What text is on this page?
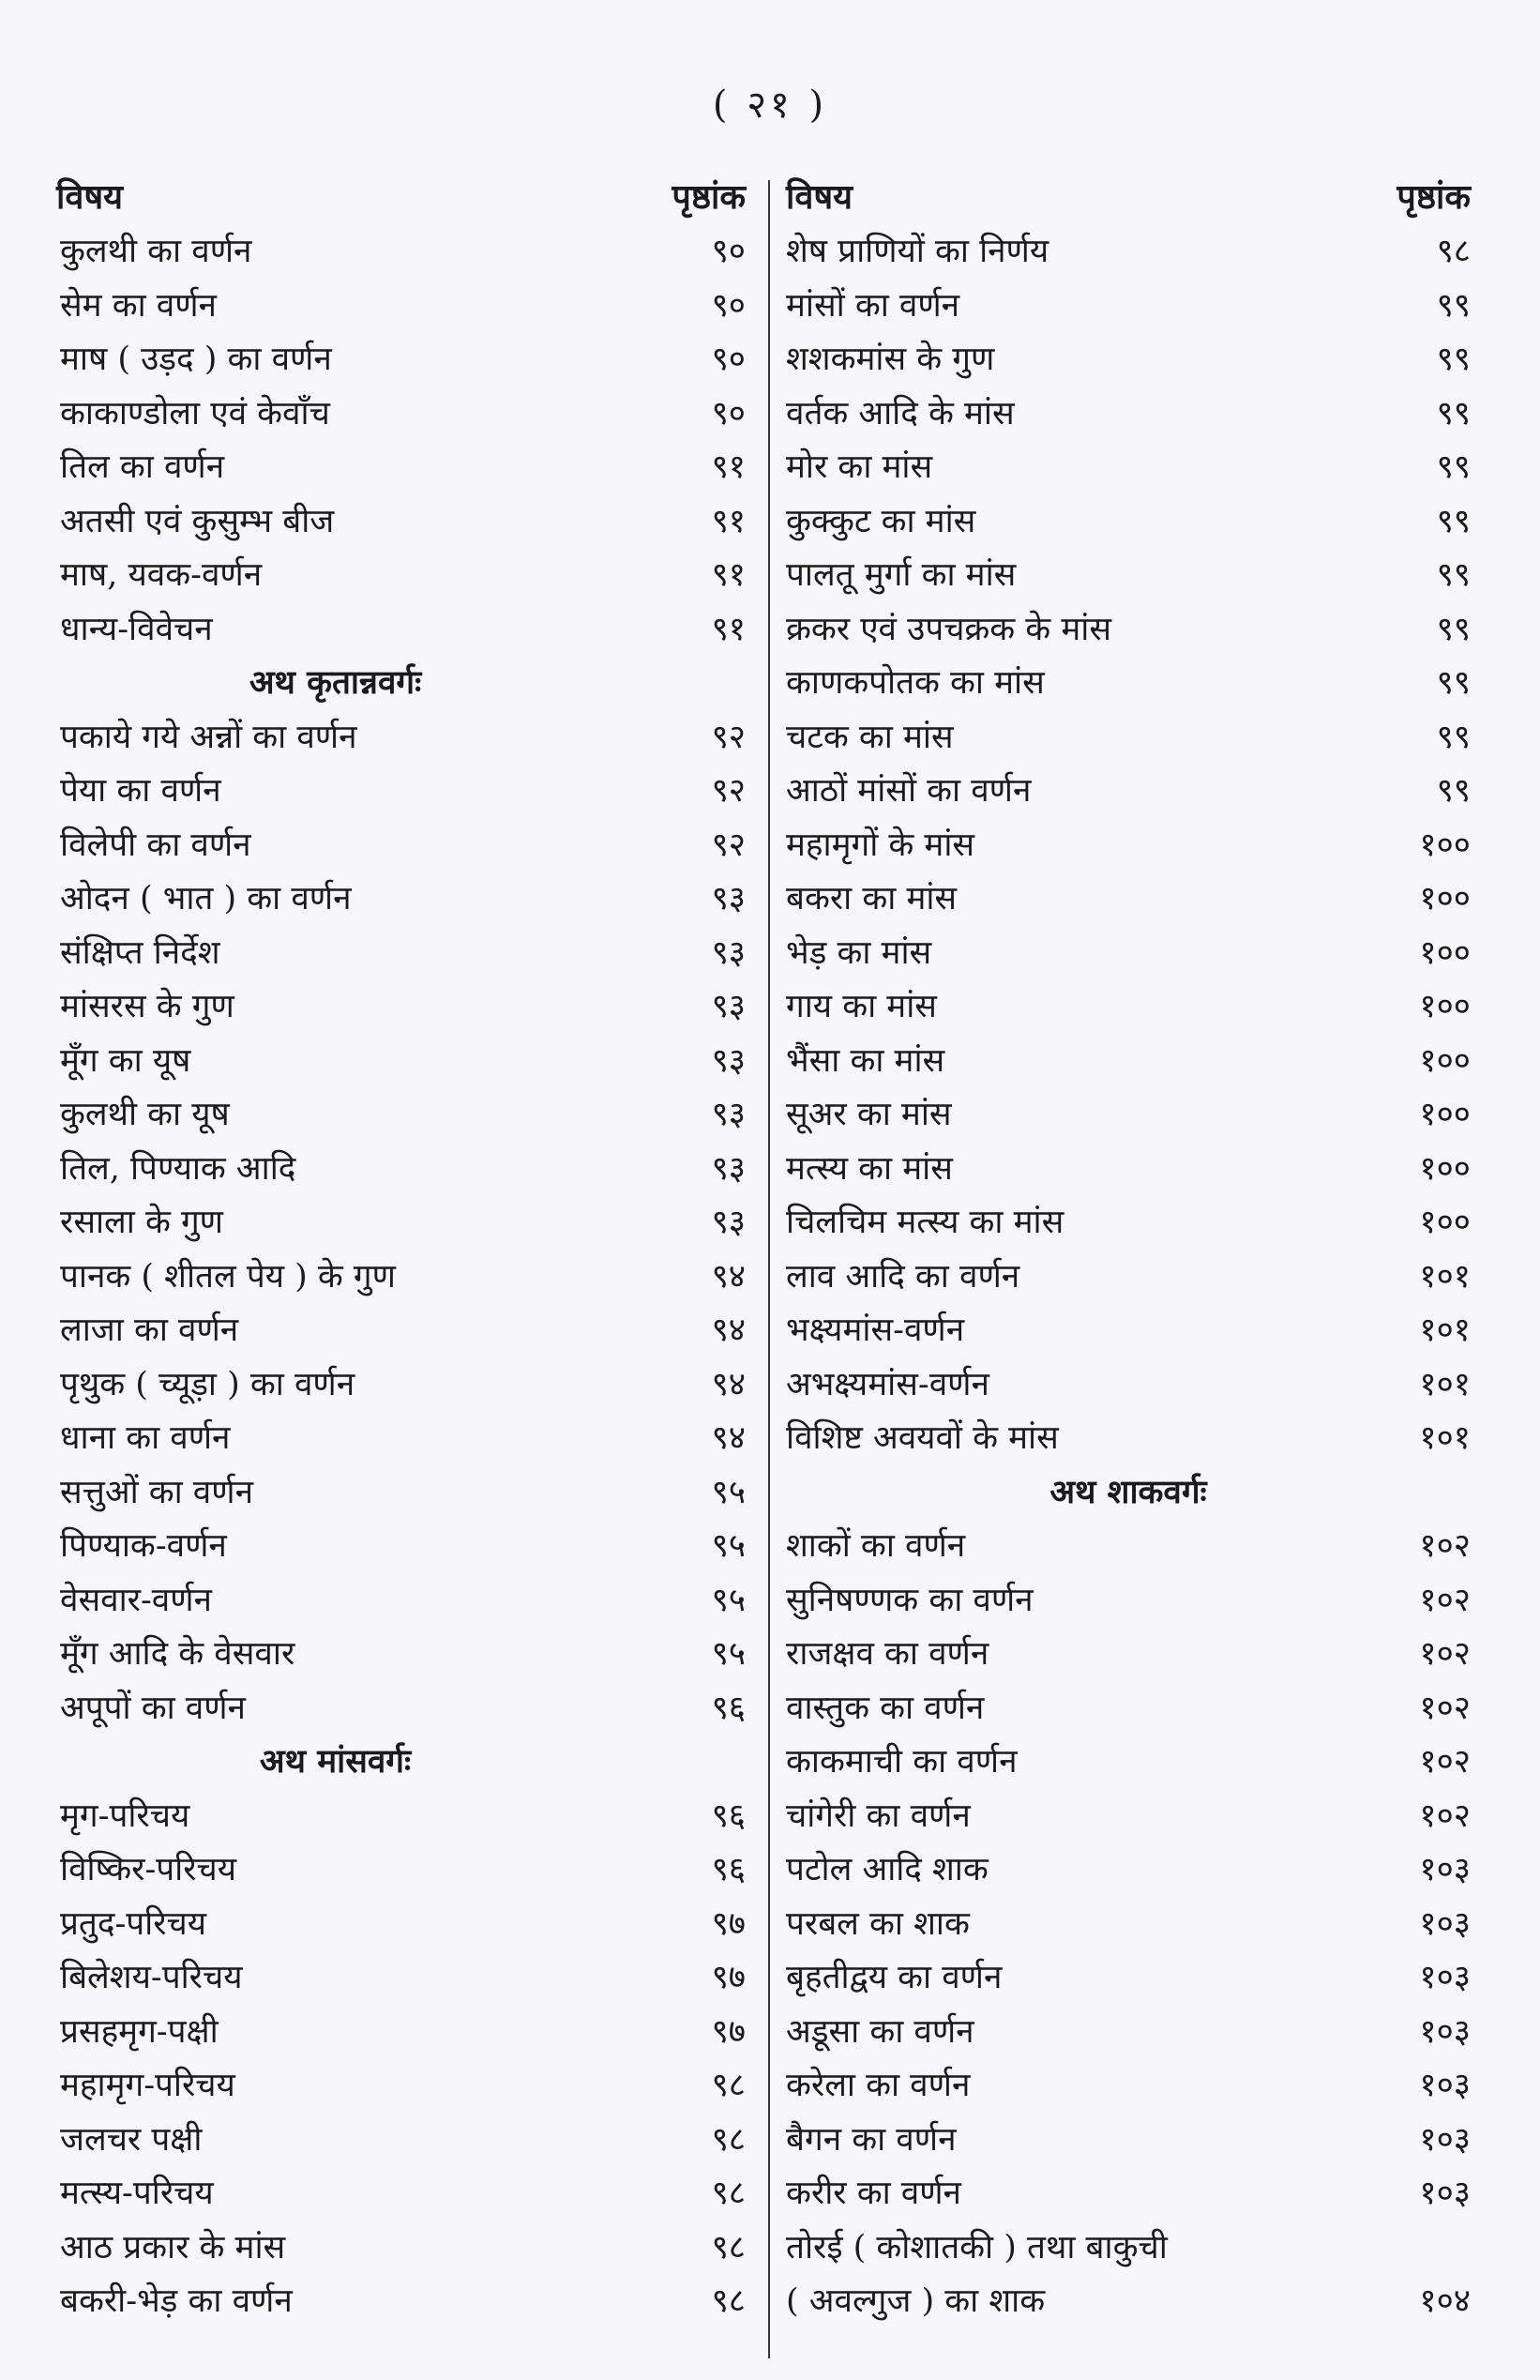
( २१ )
विषय	पृष्ठांक
कुलथी का वर्णन	९०
सेम का वर्णन	९०
माष ( उड़द ) का वर्णन	९०
काकाण्डोला एवं केवाँच	९०
तिल का वर्णन	९१
अतसी एवं कुसुम्भ बीज	९१
माष, यवक-वर्णन	९१
धान्य-विवेचन	९१
अथ कृतान्नवर्गः
पकाये गये अन्नों का वर्णन	९२
पेया का वर्णन	९२
विलेपी का वर्णन	९२
ओदन ( भात ) का वर्णन	९३
संक्षिप्त निर्देश	९३
मांसरस के गुण	९३
मूँग का यूष	९३
कुलथी का यूष	९३
तिल, पिण्याक आदि	९३
रसाला के गुण	९३
पानक ( शीतल पेय ) के गुण	९४
लाजा का वर्णन	९४
पृथुक ( च्यूड़ा ) का वर्णन	९४
धाना का वर्णन	९४
सत्तुओं का वर्णन	९५
पिण्याक-वर्णन	९५
वेसवार-वर्णन	९५
मूँग आदि के वेसवार	९५
अपूपों का वर्णन	९६
अथ मांसवर्गः
मृग-परिचय	९६
विष्किर-परिचय	९६
प्रतुद-परिचय	९७
बिलेशय-परिचय	९७
प्रसहमृग-पक्षी	९७
महामृग-परिचय	९८
जलचर पक्षी	९८
मत्स्य-परिचय	९८
आठ प्रकार के मांस	९८
बकरी-भेड़ का वर्णन	९८
विषय	पृष्ठांक
शेष प्राणियों का निर्णय	९८
मांसों का वर्णन	९९
शशकमांस के गुण	९९
वर्तक आदि के मांस	९९
मोर का मांस	९९
कुक्कुट का मांस	९९
पालतू मुर्गा का मांस	९९
क्रकर एवं उपचक्रक के मांस	९९
काणकपोतक का मांस	९९
चटक का मांस	९९
आठों मांसों का वर्णन	९९
महामृगों के मांस	१००
बकरा का मांस	१००
भेड़ का मांस	१००
गाय का मांस	१००
भैंसा का मांस	१००
सूअर का मांस	१००
मत्स्य का मांस	१००
चिलचिम मत्स्य का मांस	१००
लाव आदि का वर्णन	१०१
भक्ष्यमांस-वर्णन	१०१
अभक्ष्यमांस-वर्णन	१०१
विशिष्ट अवयवों के मांस	१०१
अथ शाकवर्गः
शाकों का वर्णन	१०२
सुनिषण्णक का वर्णन	१०२
राजक्षव का वर्णन	१०२
वास्तुक का वर्णन	१०२
काकमाची का वर्णन	१०२
चांगेरी का वर्णन	१०२
पटोल आदि शाक	१०३
परबल का शाक	१०३
बृहतीद्वय का वर्णन	१०३
अडूसा का वर्णन	१०३
करेला का वर्णन	१०३
बैगन का वर्णन	१०३
करीर का वर्णन	१०३
तोरई ( कोशातकी ) तथा बाकुची
( अवल्गुज ) का शाक	१०४
